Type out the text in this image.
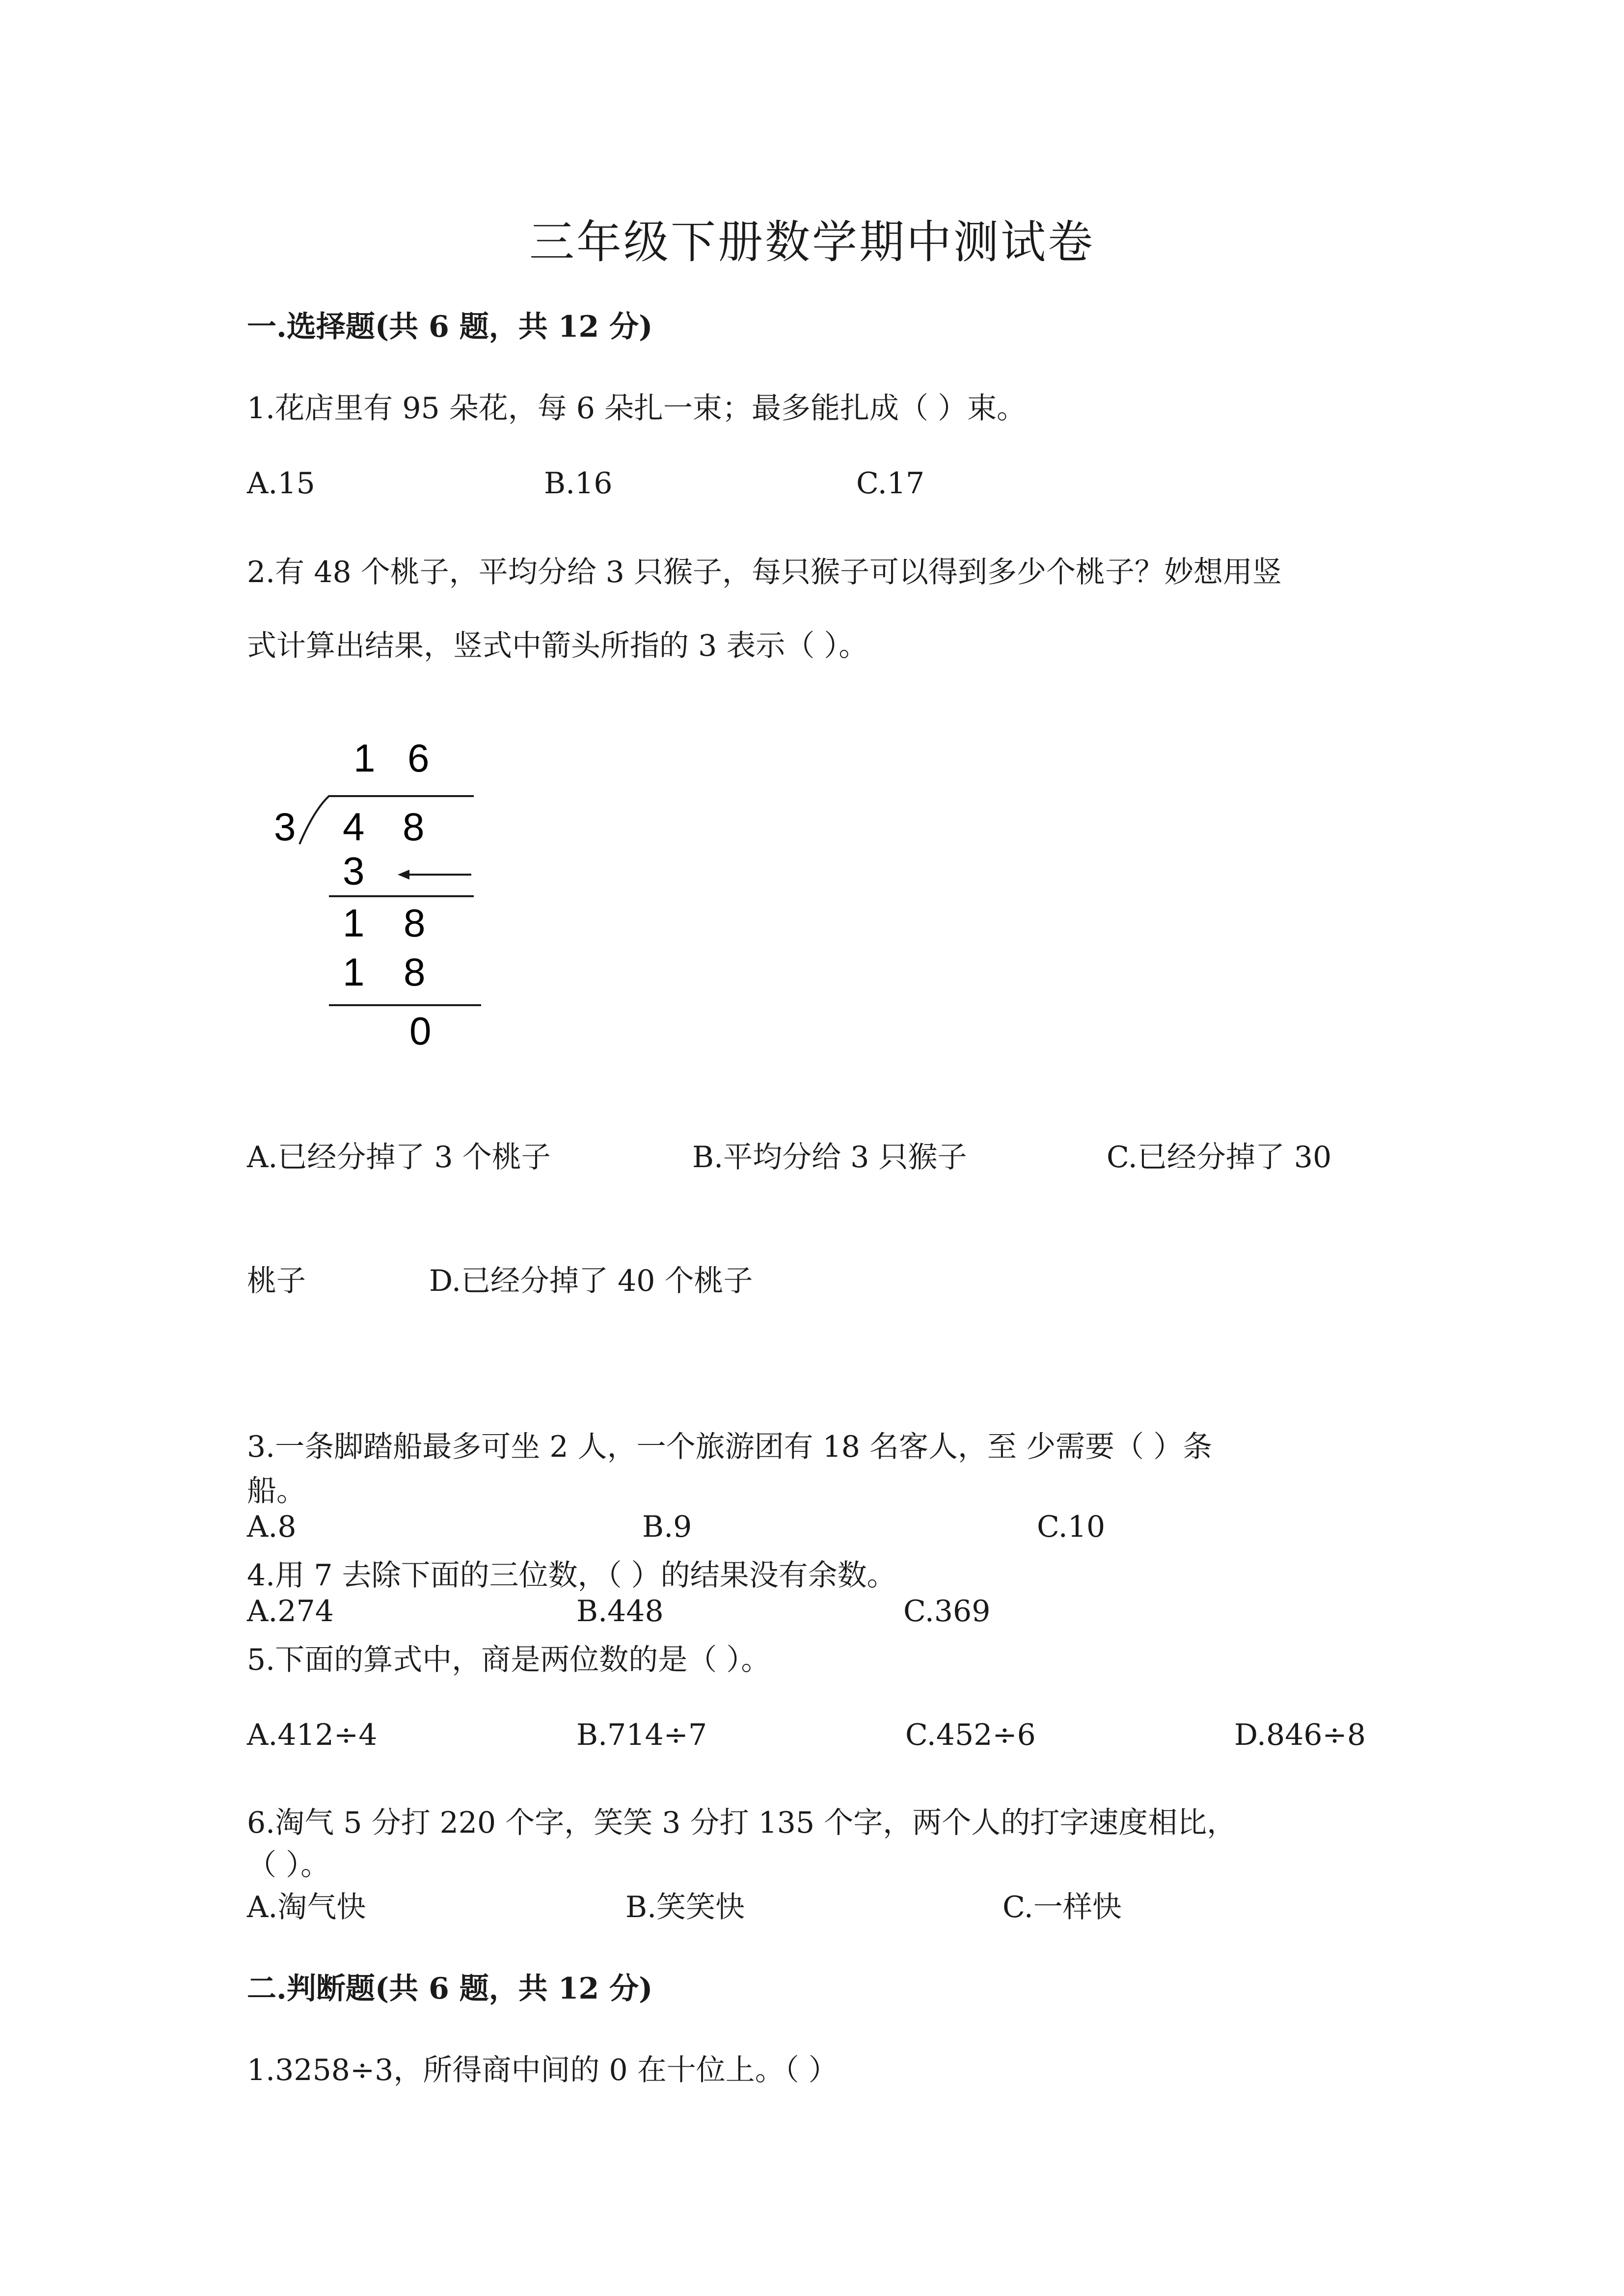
三年级下册数学期中测试卷
一.选择题(共 6 题，共 12 分)
1.花店里有 95 朵花，每 6 朵扎一束；最多能扎成（ ）束。
A.15	B.16	C.17
2.有 48 个桃子，平均分给 3 只猴子，每只猴子可以得到多少个桃子？妙想用竖
式计算出结果，竖式中箭头所指的 3 表示（ ）。
1 6
3 4 8
3
1 8
1 8
0
A.已经分掉了 3 个桃子	B.平均分给 3 只猴子	C.已经分掉了 30
桃子	D.已经分掉了 40 个桃子
3.一条脚踏船最多可坐 2 人，一个旅游团有 18 名客人，至 少需要（ ）条
船。
A.8	B.9	C.10
4.用 7 去除下面的三位数，（ ）的结果没有余数。
A.274	B.448	C.369
5.下面的算式中，商是两位数的是（ ）。
A.412÷4	B.714÷7	C.452÷6	D.846÷8
6.淘气 5 分打 220 个字，笑笑 3 分打 135 个字，两个人的打字速度相比，
（ ）。
A.淘气快	B.笑笑快	C.一样快
二.判断题(共 6 题，共 12 分)
1.3258÷3，所得商中间的 0 在十位上。（ ）
